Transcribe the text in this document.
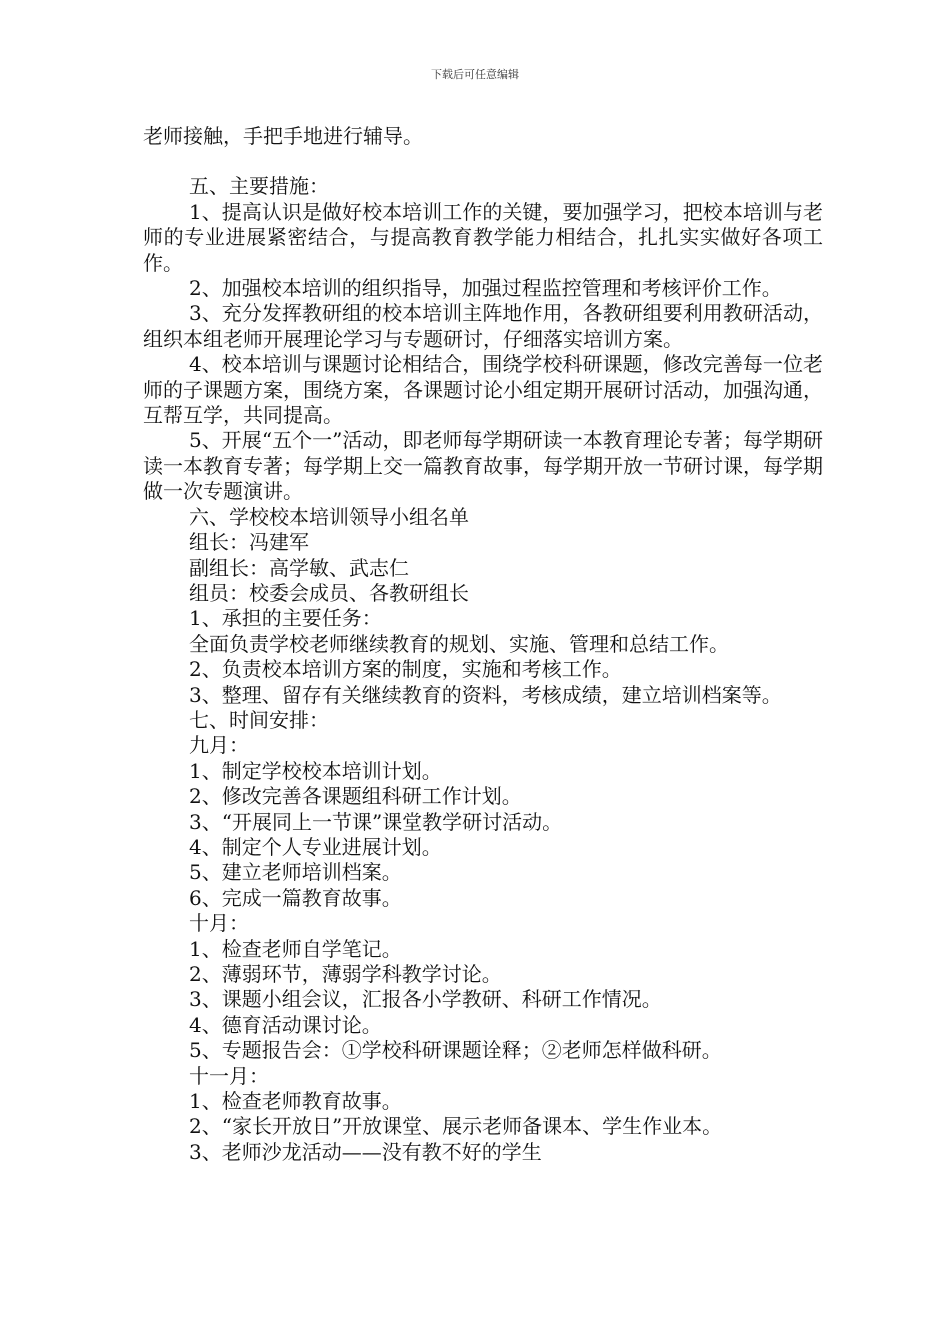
下载后可任意编辑

老师接触，手把手地进行辅导。

五、主要措施：

1、提高认识是做好校本培训工作的关键，要加强学习，把校本培训与老师的专业进展紧密结合，与提高教育教学能力相结合，扎扎实实做好各项工作。

2、加强校本培训的组织指导，加强过程监控管理和考核评价工作。

3、充分发挥教研组的校本培训主阵地作用，各教研组要利用教研活动，组织本组老师开展理论学习与专题研讨，仔细落实培训方案。

4、校本培训与课题讨论相结合，围绕学校科研课题，修改完善每一位老师的子课题方案，围绕方案，各课题讨论小组定期开展研讨活动，加强沟通，互帮互学，共同提高。

5、开展“五个一”活动，即老师每学期研读一本教育理论专著；每学期研读一本教育专著；每学期上交一篇教育故事，每学期开放一节研讨课，每学期做一次专题演讲。

六、学校校本培训领导小组名单

组长：冯建军

副组长：高学敏、武志仁

组员：校委会成员、各教研组长

1、承担的主要任务：

全面负责学校老师继续教育的规划、实施、管理和总结工作。

2、负责校本培训方案的制度，实施和考核工作。

3、整理、留存有关继续教育的资料，考核成绩，建立培训档案等。

七、时间安排：

九月：

1、制定学校校本培训计划。

2、修改完善各课题组科研工作计划。

3、“开展同上一节课”课堂教学研讨活动。

4、制定个人专业进展计划。

5、建立老师培训档案。

6、完成一篇教育故事。

十月：

1、检查老师自学笔记。

2、薄弱环节，薄弱学科教学讨论。

3、课题小组会议，汇报各小学教研、科研工作情况。

4、德育活动课讨论。

5、专题报告会：①学校科研课题诠释；②老师怎样做科研。

十一月：

1、检查老师教育故事。

2、“家长开放日”开放课堂、展示老师备课本、学生作业本。

3、老师沙龙活动——没有教不好的学生
